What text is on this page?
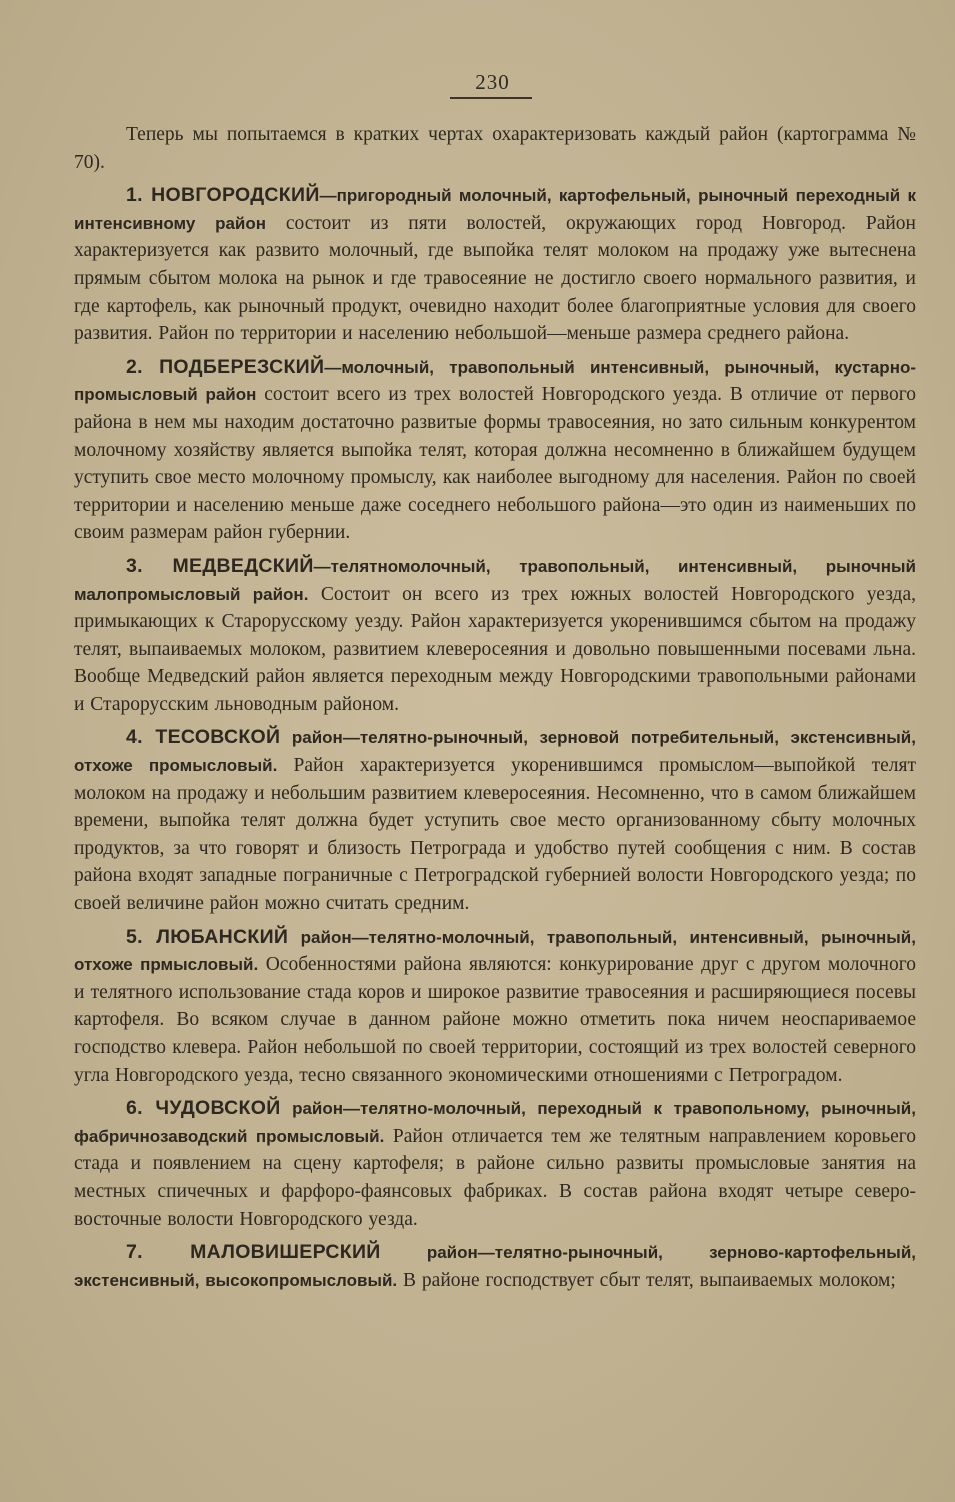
230

Теперь мы попытаемся в кратких чертах охарактеризовать каждый район (картограмма № 70).

1. НОВГОРОДСКИЙ—пригородный молочный, картофельный, рыночный переходный к интенсивному район состоит из пяти волостей, окружающих город Новгород. Район характеризуется как развито молочный, где выпойка телят молоком на продажу уже вытеснена прямым сбытом молока на рынок и где травосеяние не достигло своего нормального развития, и где картофель, как рыночный продукт, очевидно находит более благоприятные условия для своего развития. Район по территории и населению небольшой—меньше размера среднего района.

2. ПОДБЕРЕЗСКИЙ—молочный, травопольный интенсивный, рыночный, кустарно-промысловый район состоит всего из трех волостей Новгородского уезда. В отличие от первого района в нем мы находим достаточно развитые формы травосеяния, но зато сильным конкурентом молочному хозяйству является выпойка телят, которая должна несомненно в ближайшем будущем уступить свое место молочному промыслу, как наиболее выгодному для населения. Район по своей территории и населению меньше даже соседнего небольшого района—это один из наименьших по своим размерам район губернии.

3. МЕДВЕДСКИЙ—телятномолочный, травопольный, интенсивный, рыночный малопромысловый район. Состоит он всего из трех южных волостей Новгородского уезда, примыкающих к Старорусскому уезду. Район характеризуется укоренившимся сбытом на продажу телят, выпаиваемых молоком, развитием клеверосеяния и довольно повышенными посевами льна. Вообще Медведский район является переходным между Новгородскими травопольными районами и Старорусским льноводным районом.

4. ТЕСОВСКОЙ район—телятно-рыночный, зерновой потребительный, экстенсивный, отхоже промысловый. Район характеризуется укоренившимся промыслом—выпойкой телят молоком на продажу и небольшим развитием клеверосеяния. Несомненно, что в самом ближайшем времени, выпойка телят должна будет уступить свое место организованному сбыту молочных продуктов, за что говорят и близость Петрограда и удобство путей сообщения с ним. В состав района входят западные пограничные с Петроградской губернией волости Новгородского уезда; по своей величине район можно считать средним.

5. ЛЮБАНСКИЙ район—телятно-молочный, травопольный, интенсивный, рыночный, отхоже прмысловый. Особенностями района являются: конкурирование друг с другом молочного и телятного использование стада коров и широкое развитие травосеяния и расширяющиеся посевы картофеля. Во всяком случае в данном районе можно отметить пока ничем неоспариваемое господство клевера. Район небольшой по своей территории, состоящий из трех волостей северного угла Новгородского уезда, тесно связанного экономическими отношениями с Петроградом.

6. ЧУДОВСКОЙ район—телятно-молочный, переходный к травопольному, рыночный, фабричнозаводский промысловый. Район отличается тем же телятным направлением коровьего стада и появлением на сцену картофеля; в районе сильно развиты промысловые занятия на местных спичечных и фарфоро-фаянсовых фабриках. В состав района входят четыре северо-восточные волости Новгородского уезда.

7. МАЛОВИШЕРСКИЙ район—телятно-рыночный, зерново-картофельный, экстенсивный, высокопромысловый. В районе господствует сбыт телят, выпаиваемых молоком;
